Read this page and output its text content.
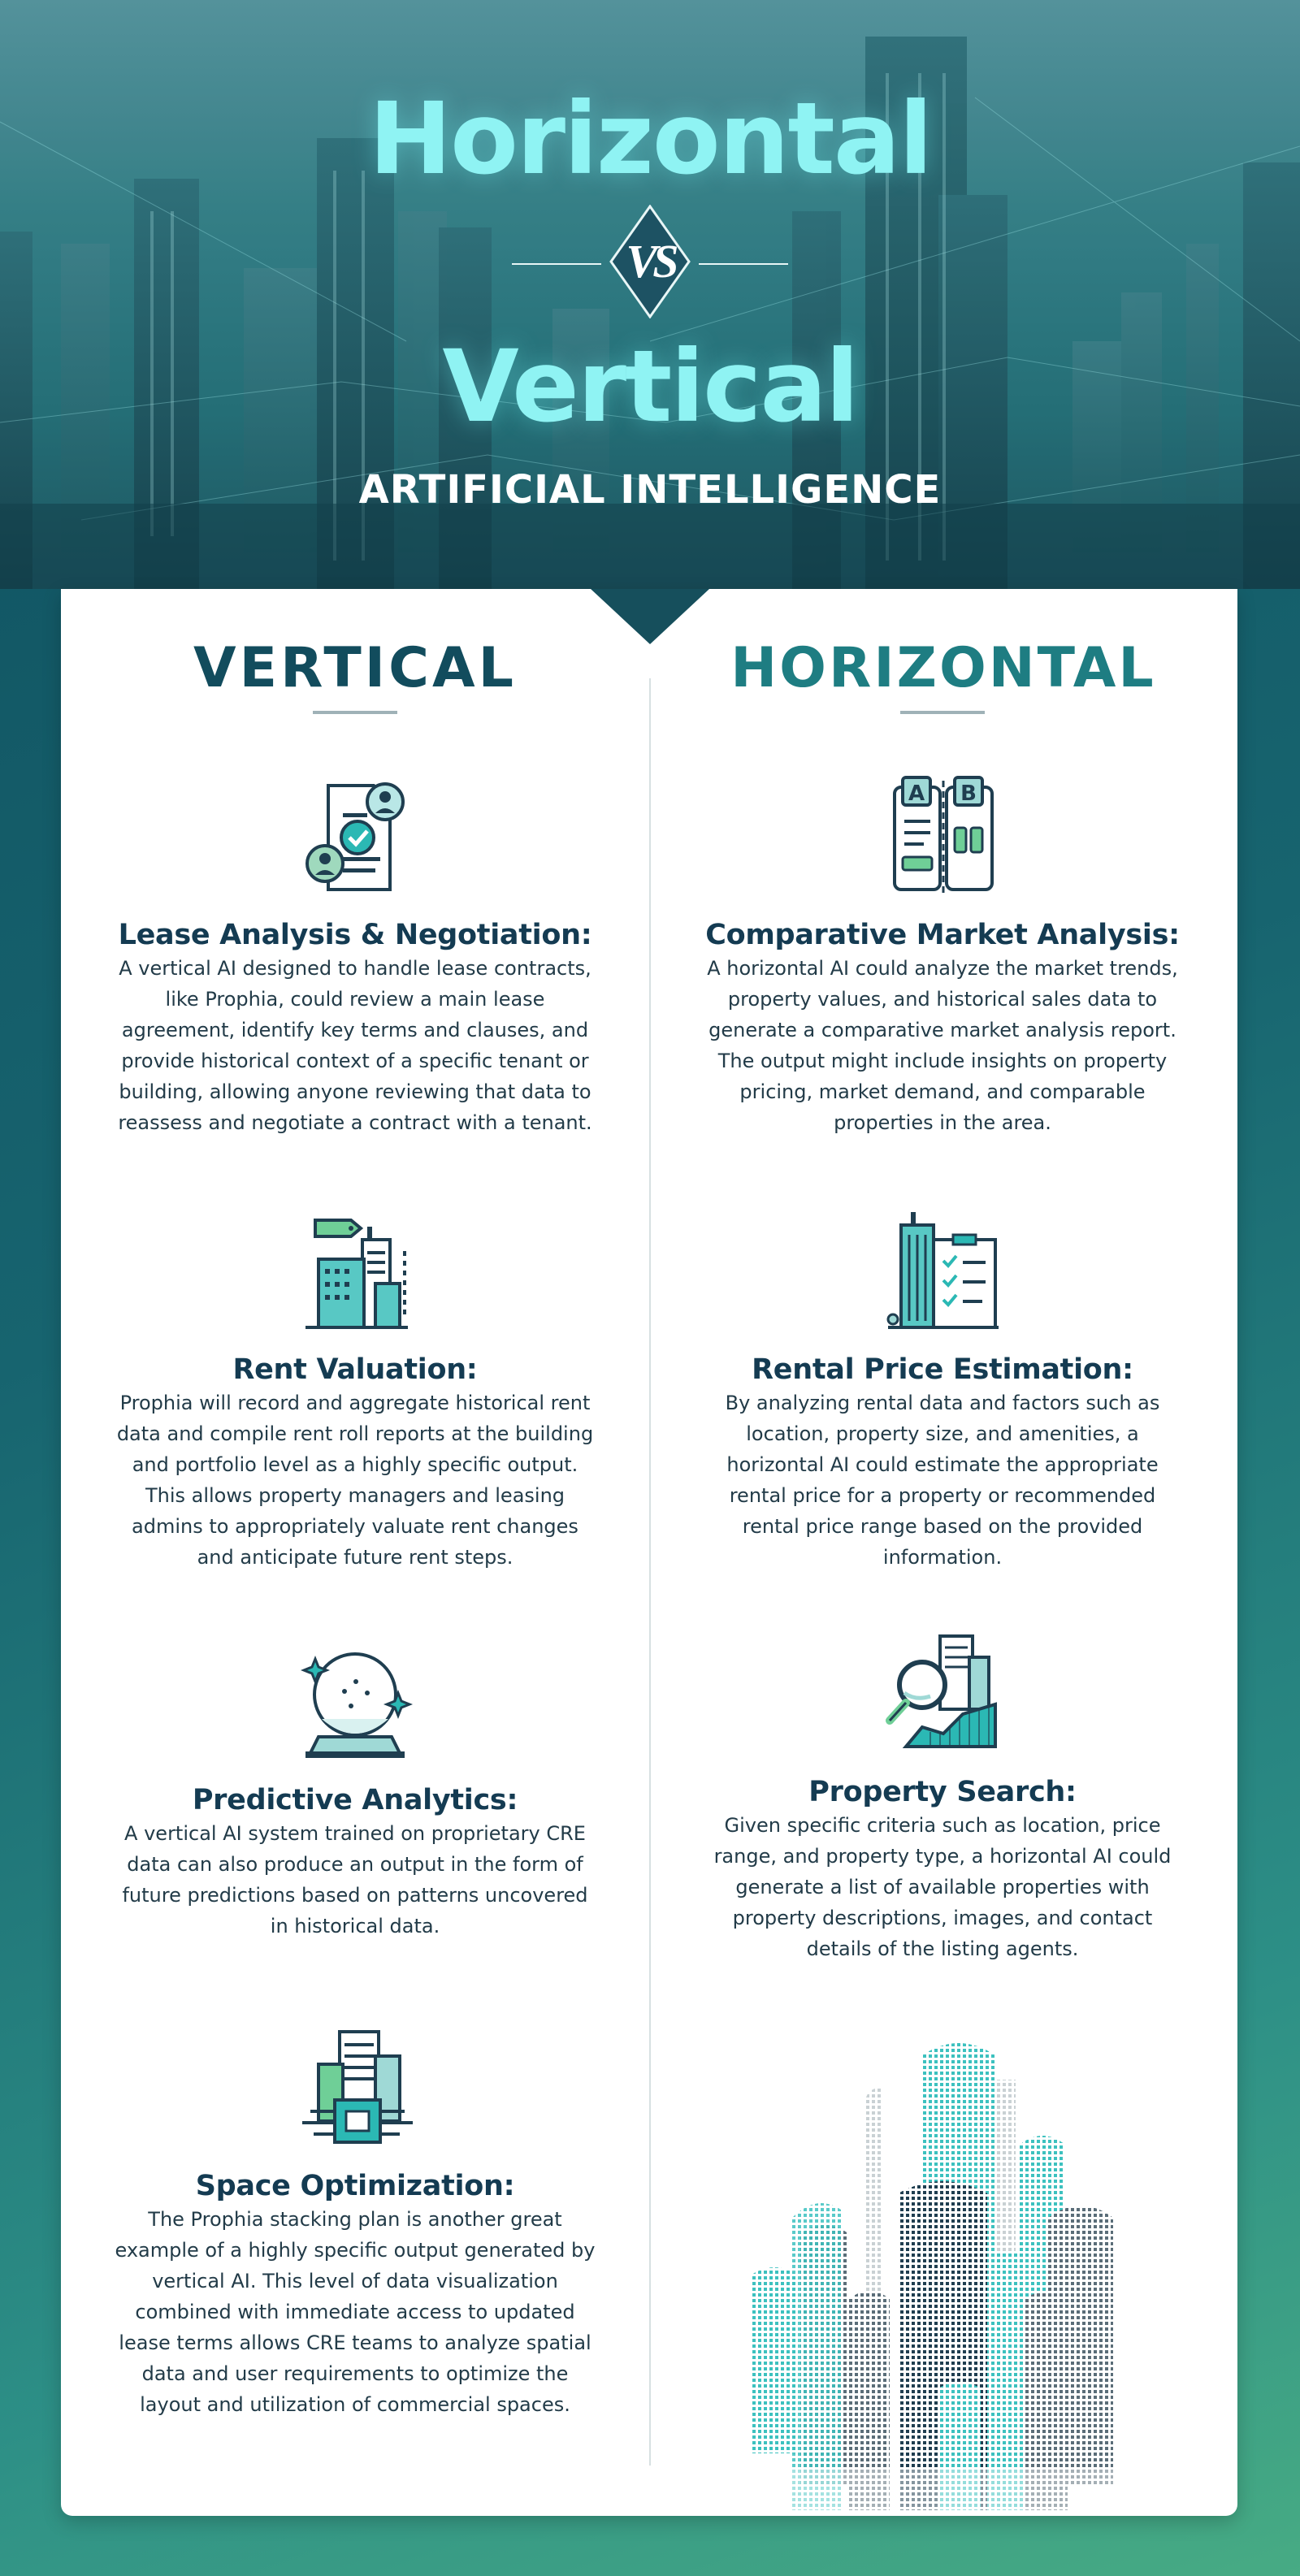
Horizontal
VS
Vertical
ARTIFICIAL INTELLIGENCE
VERTICAL	HORIZONTAL
Lease Analysis & Negotiation:

A vertical AI designed to handle lease contracts, like Prophia, could review a main lease agreement, identify key terms and clauses, and provide historical context of a specific tenant or building, allowing anyone reviewing that data to reassess and negotiate a contract with a tenant.

Rent Valuation:

Prophia will record and aggregate historical rent data and compile rent roll reports at the building and portfolio level as a highly specific output. This allows property managers and leasing admins to appropriately valuate rent changes and anticipate future rent steps.

Predictive Analytics:

A vertical AI system trained on proprietary CRE data can also produce an output in the form of future predictions based on patterns uncovered in historical data.

Space Optimization:

The Prophia stacking plan is another great example of a highly specific output generated by vertical AI. This level of data visualization combined with immediate access to updated lease terms allows CRE teams to analyze spatial data and user requirements to optimize the layout and utilization of commercial spaces.

A B
Comparative Market Analysis:

A horizontal AI could analyze the market trends, property values, and historical sales data to generate a comparative market analysis report. The output might include insights on property pricing, market demand, and comparable properties in the area.

Rental Price Estimation:

By analyzing rental data and factors such as location, property size, and amenities, a horizontal AI could estimate the appropriate rental price for a property or recommended rental price range based on the provided information.

Property Search:

Given specific criteria such as location, price range, and property type, a horizontal AI could generate a list of available properties with property descriptions, images, and contact details of the listing agents.
